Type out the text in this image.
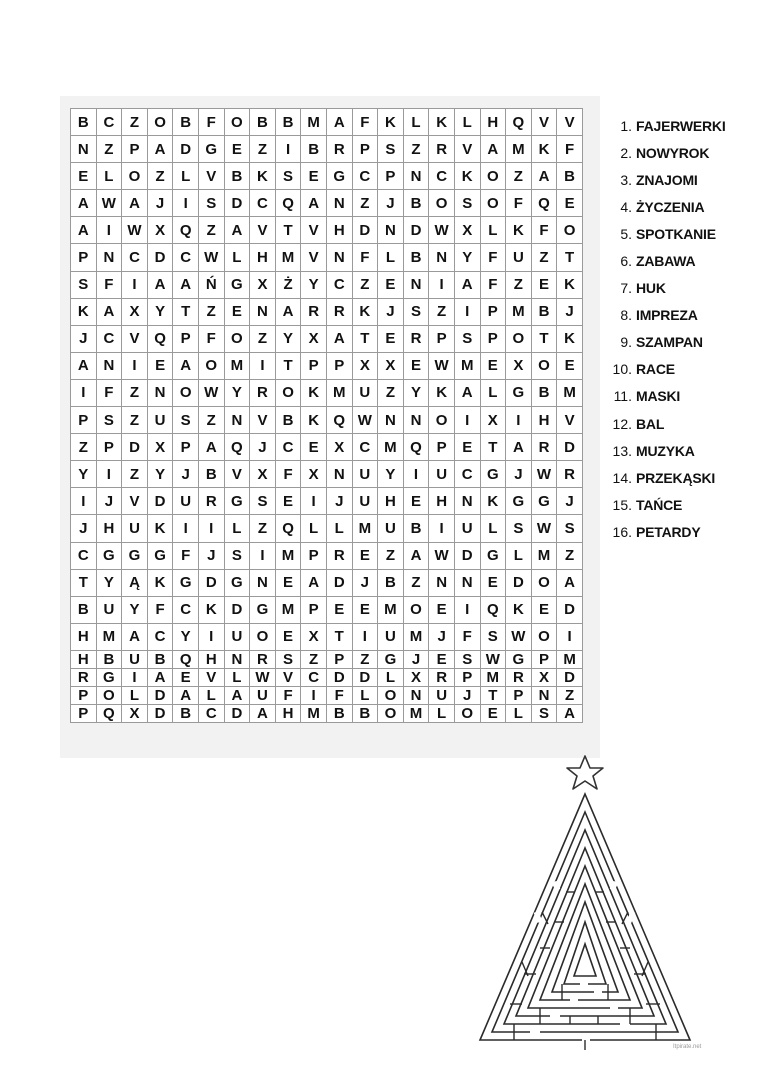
B C	Z	O B	F	O B B M A	F	K	L	K	L	H Q V	V
N	Z	P	A D G E	Z	I	B R	P	S	Z	R	V	A M K	F
E	L	O	Z	L	V	B K	S	E G C	P	N C K O	Z	A B
A W A	J	I	S	D C Q A N	Z	J	B O S O	F	Q E
A	I	W X Q	Z	A	V	T	V	H D N D W X	L	K	F	O
P	N C D C W L	H M V	N	F	L	B N	Y	F	U	Z	T
S	F	I	A A Ń G X	Ż	Y	C	Z	E	N	I	A	F	Z	E	K
K A	X	Y	T	Z	E	N A R R K	J	S	Z	I	P M B	J
J	C	V Q P	F	O	Z	Y	X	A	T	E	R	P	S	P O	T	K
A N	I	E	A O M	I	T	P	P	X	X	E W M E	X O E
I	F	Z	N O W Y	R O K M U	Z	Y	K A	L	G B M
P	S	Z	U	S	Z	N	V	B K Q W N N O	I	X	I	H	V
Z	P	D	X	P	A Q	J	C	E	X	C M Q P	E	T	A R D
Y	I	Z	Y	J	B	V	X	F	X	N U	Y	I	U C G	J W R
I	J	V	D U R G S	E	I	J	U H	E	H N K G G	J
J	H U K	I	I	L	Z	Q	L	L M U B	I	U	L	S W S
C G G G	F	J	S	I	M P	R	E	Z	A W D G	L M Z
T	Y	Ą K G D G N	E	A D	J	B	Z	N N	E	D O A
B U	Y	F	C K D G M P	E	E M O E	I	Q K	E	D
H M A C	Y	I	U O E	X	T	I	U M	J	F	S W O	I
H B U B Q H N R	S	Z	P	Z	G	J	E	S W G P M
R G	I	A	E	V	L W V	C D D	L	X	R	P M R	X	D
P O	L	D A	L	A U	F	I	F	L	O N U	J	T	P	N	Z
P Q X	D B C D A H M B B O M L	O E	L	S	A
1. FAJERWERKI
2. NOWYROK
3. ZNAJOMI
4. ŻYCZENIA
5. SPOTKANIE
6. ZABAWA
7. HUK
8. IMPREZA
9. SZAMPAN
10. RACE
11. MASKI
12. BAL
13. MUZYKA
14. PRZEKĄSKI
15. TAŃCE
16. PETARDY
Itpirate.net
